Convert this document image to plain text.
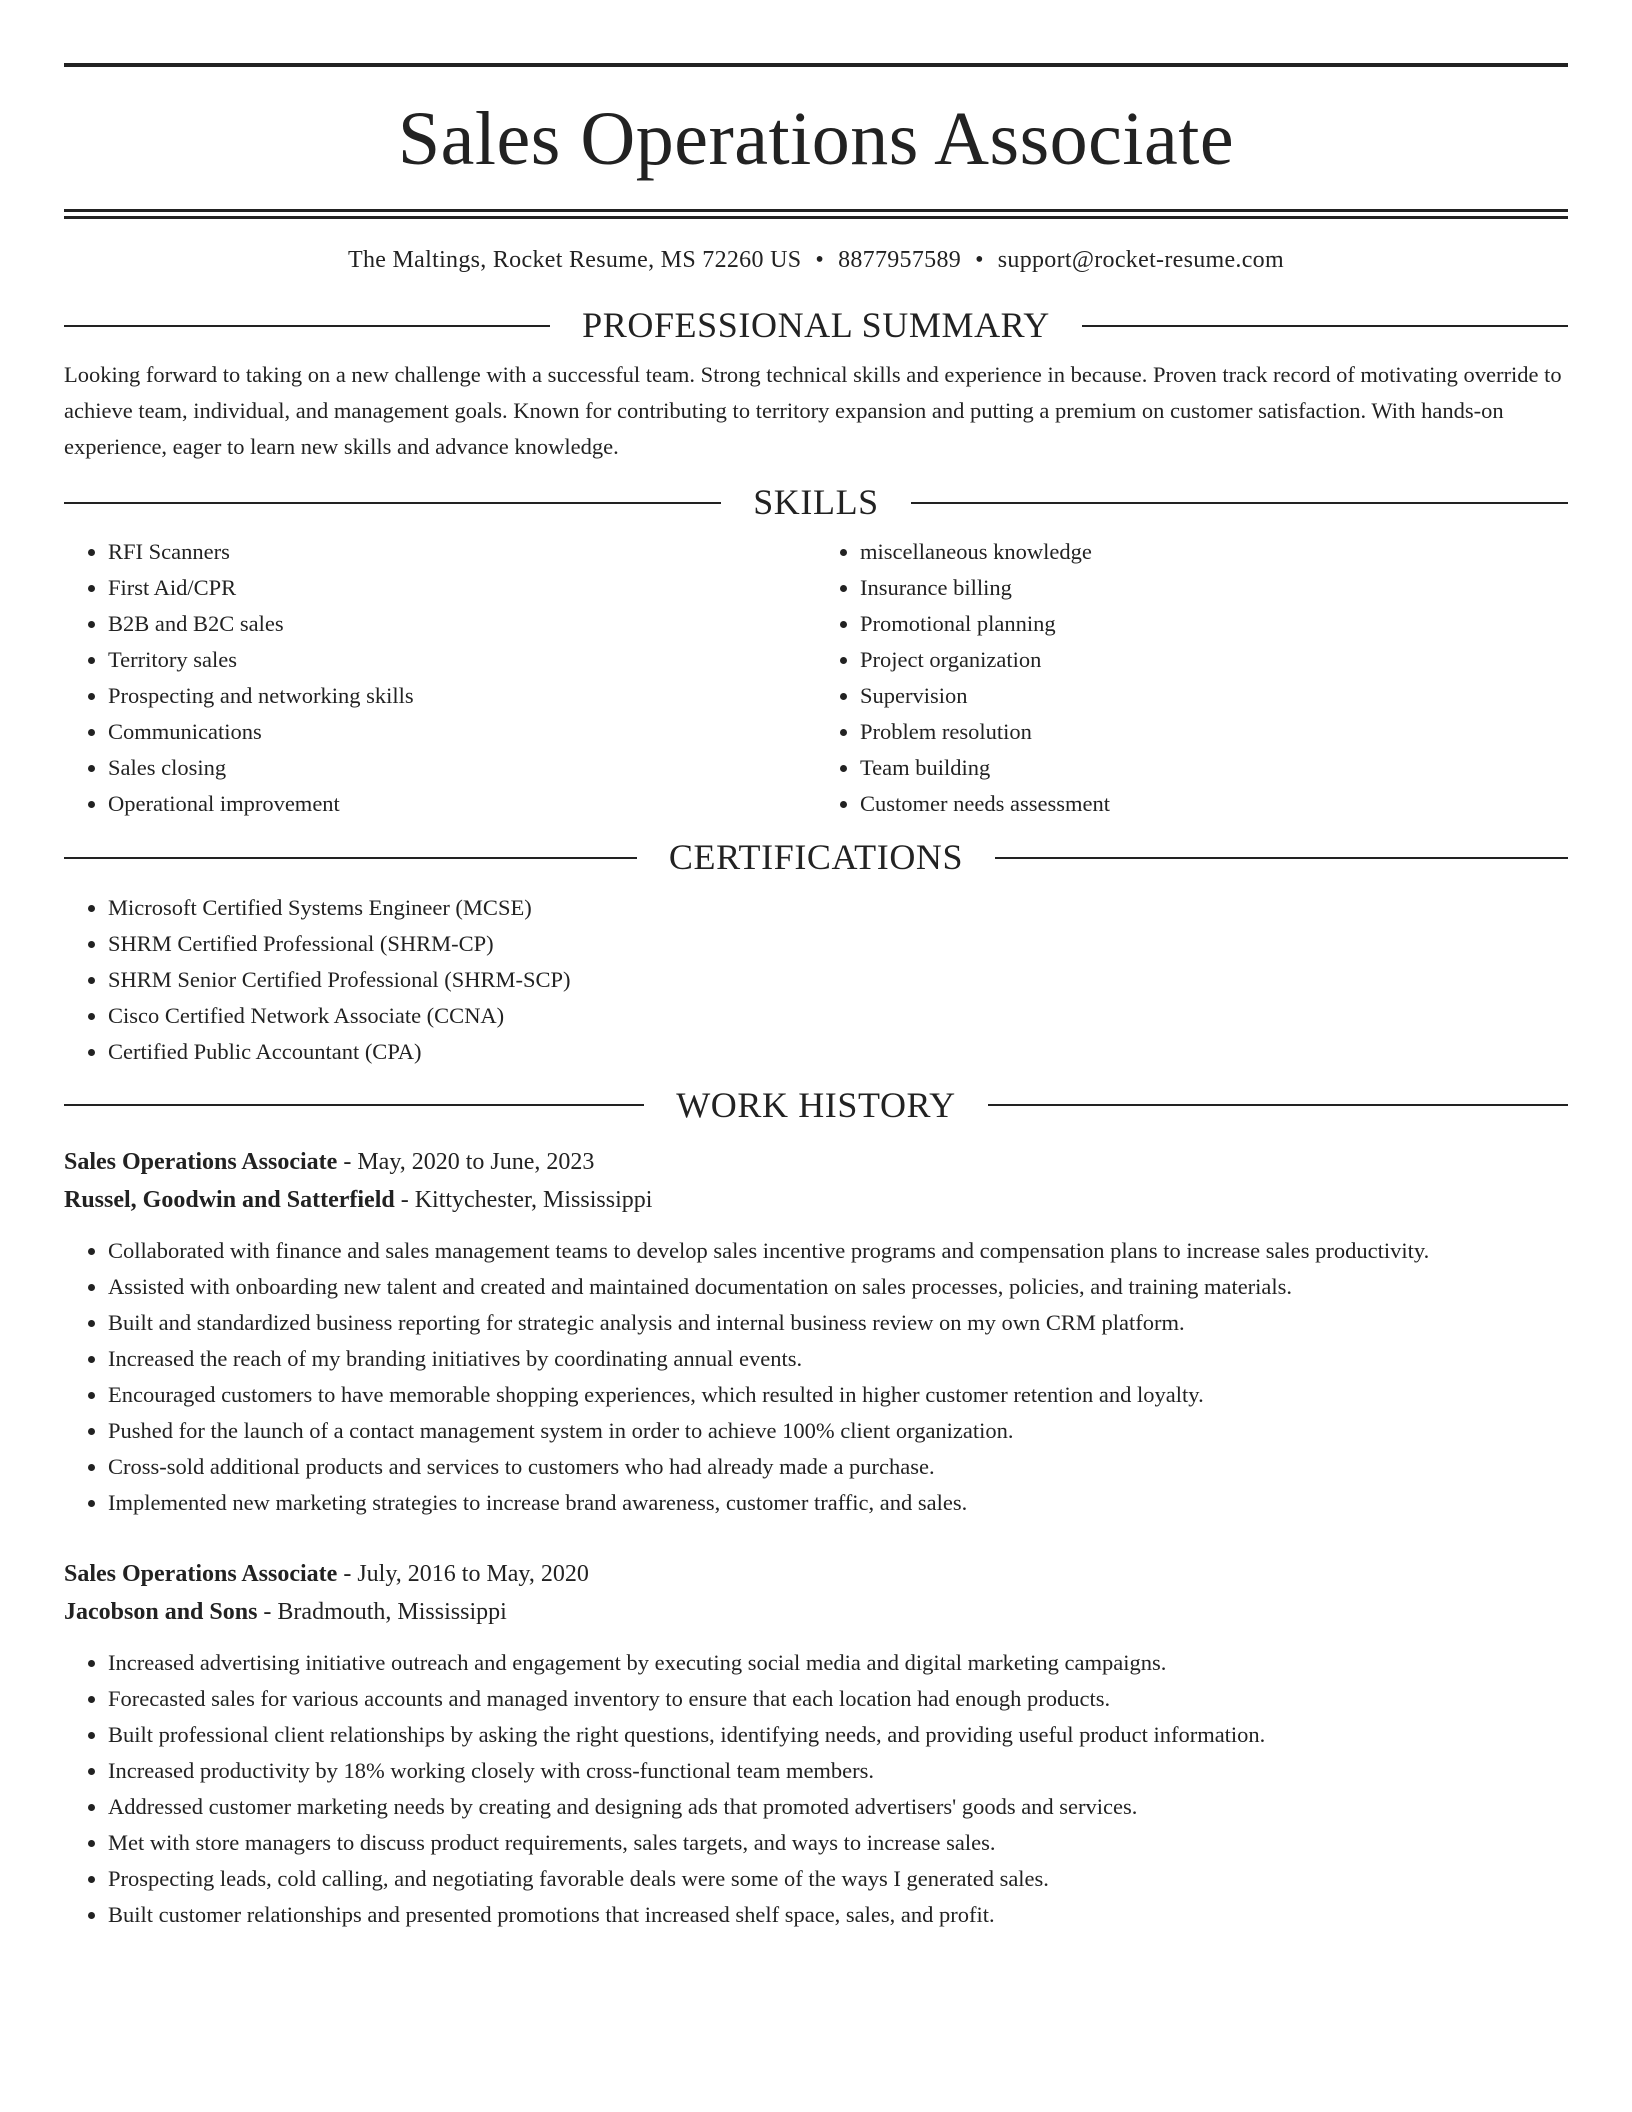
Sales Operations Associate
The Maltings, Rocket Resume, MS 72260 US • 8877957589 • support@rocket-resume.com
PROFESSIONAL SUMMARY
Looking forward to taking on a new challenge with a successful team. Strong technical skills and experience in because. Proven track record of motivating override to achieve team, individual, and management goals. Known for contributing to territory expansion and putting a premium on customer satisfaction. With hands-on experience, eager to learn new skills and advance knowledge.
SKILLS
• RFI Scanners
• First Aid/CPR
• B2B and B2C sales
• Territory sales
• Prospecting and networking skills
• Communications
• Sales closing
• Operational improvement
• miscellaneous knowledge
• Insurance billing
• Promotional planning
• Project organization
• Supervision
• Problem resolution
• Team building
• Customer needs assessment
CERTIFICATIONS
• Microsoft Certified Systems Engineer (MCSE)
• SHRM Certified Professional (SHRM-CP)
• SHRM Senior Certified Professional (SHRM-SCP)
• Cisco Certified Network Associate (CCNA)
• Certified Public Accountant (CPA)
WORK HISTORY
Sales Operations Associate - May, 2020 to June, 2023
Russel, Goodwin and Satterfield - Kittychester, Mississippi
• Collaborated with finance and sales management teams to develop sales incentive programs and compensation plans to increase sales productivity.
• Assisted with onboarding new talent and created and maintained documentation on sales processes, policies, and training materials.
• Built and standardized business reporting for strategic analysis and internal business review on my own CRM platform.
• Increased the reach of my branding initiatives by coordinating annual events.
• Encouraged customers to have memorable shopping experiences, which resulted in higher customer retention and loyalty.
• Pushed for the launch of a contact management system in order to achieve 100% client organization.
• Cross-sold additional products and services to customers who had already made a purchase.
• Implemented new marketing strategies to increase brand awareness, customer traffic, and sales.
Sales Operations Associate - July, 2016 to May, 2020
Jacobson and Sons - Bradmouth, Mississippi
• Increased advertising initiative outreach and engagement by executing social media and digital marketing campaigns.
• Forecasted sales for various accounts and managed inventory to ensure that each location had enough products.
• Built professional client relationships by asking the right questions, identifying needs, and providing useful product information.
• Increased productivity by 18% working closely with cross-functional team members.
• Addressed customer marketing needs by creating and designing ads that promoted advertisers' goods and services.
• Met with store managers to discuss product requirements, sales targets, and ways to increase sales.
• Prospecting leads, cold calling, and negotiating favorable deals were some of the ways I generated sales.
• Built customer relationships and presented promotions that increased shelf space, sales, and profit.
